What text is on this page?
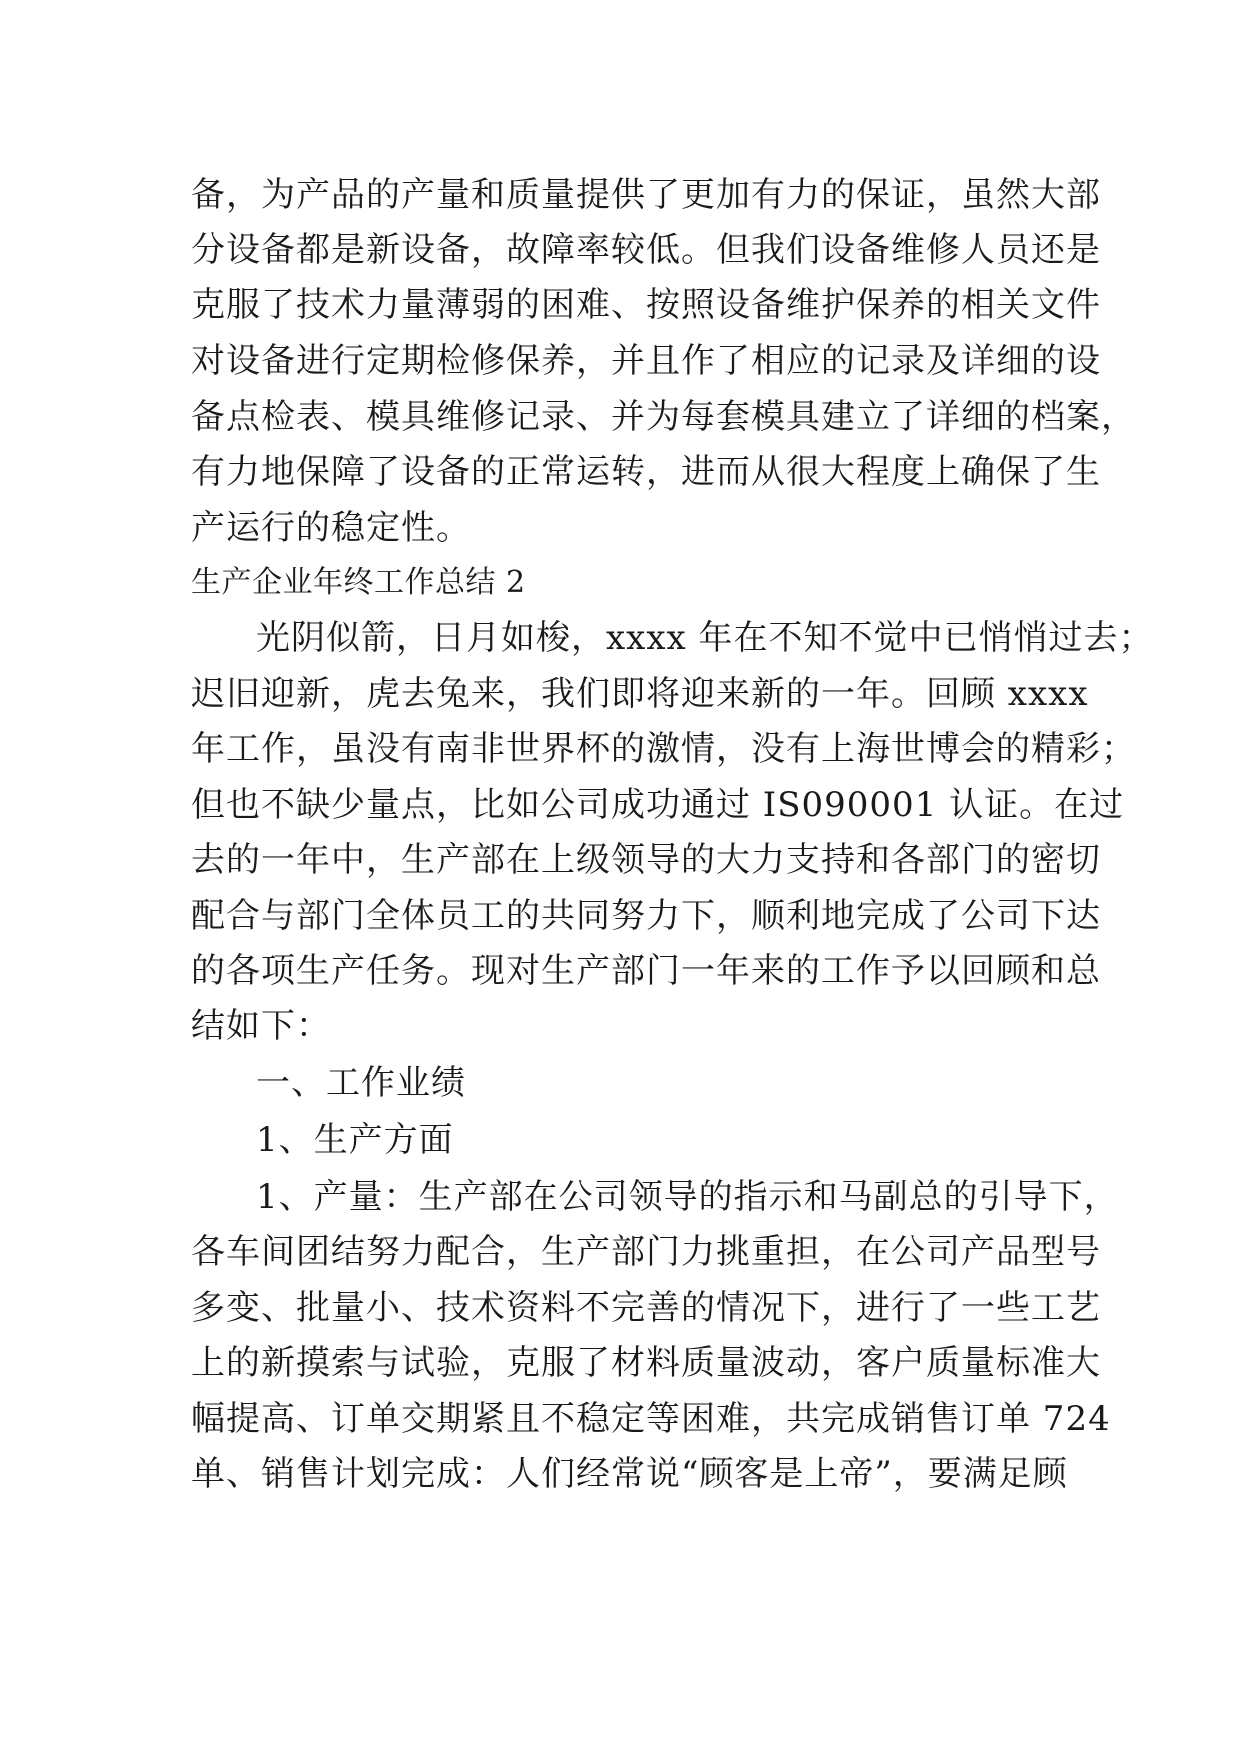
备，为产品的产量和质量提供了更加有力的保证，虽然大部
分设备都是新设备，故障率较低。但我们设备维修人员还是
克服了技术力量薄弱的困难、按照设备维护保养的相关文件
对设备进行定期检修保养，并且作了相应的记录及详细的设
备点检表、模具维修记录、并为每套模具建立了详细的档案，
有力地保障了设备的正常运转，进而从很大程度上确保了生
产运行的稳定性。
生产企业年终工作总结 2
光阴似箭，日月如梭，xxxx 年在不知不觉中已悄悄过去；
迟旧迎新，虎去兔来，我们即将迎来新的一年。回顾 xxxx
年工作，虽没有南非世界杯的激情，没有上海世博会的精彩；
但也不缺少量点，比如公司成功通过 IS090001 认证。在过
去的一年中，生产部在上级领导的大力支持和各部门的密切
配合与部门全体员工的共同努力下，顺利地完成了公司下达
的各项生产任务。现对生产部门一年来的工作予以回顾和总
结如下：
一、工作业绩
1、生产方面
1、产量：生产部在公司领导的指示和马副总的引导下，
各车间团结努力配合，生产部门力挑重担，在公司产品型号
多变、批量小、技术资料不完善的情况下，进行了一些工艺
上的新摸索与试验，克服了材料质量波动，客户质量标准大
幅提高、订单交期紧且不稳定等困难，共完成销售订单 724
单、销售计划完成：人们经常说“顾客是上帝”，要满足顾
